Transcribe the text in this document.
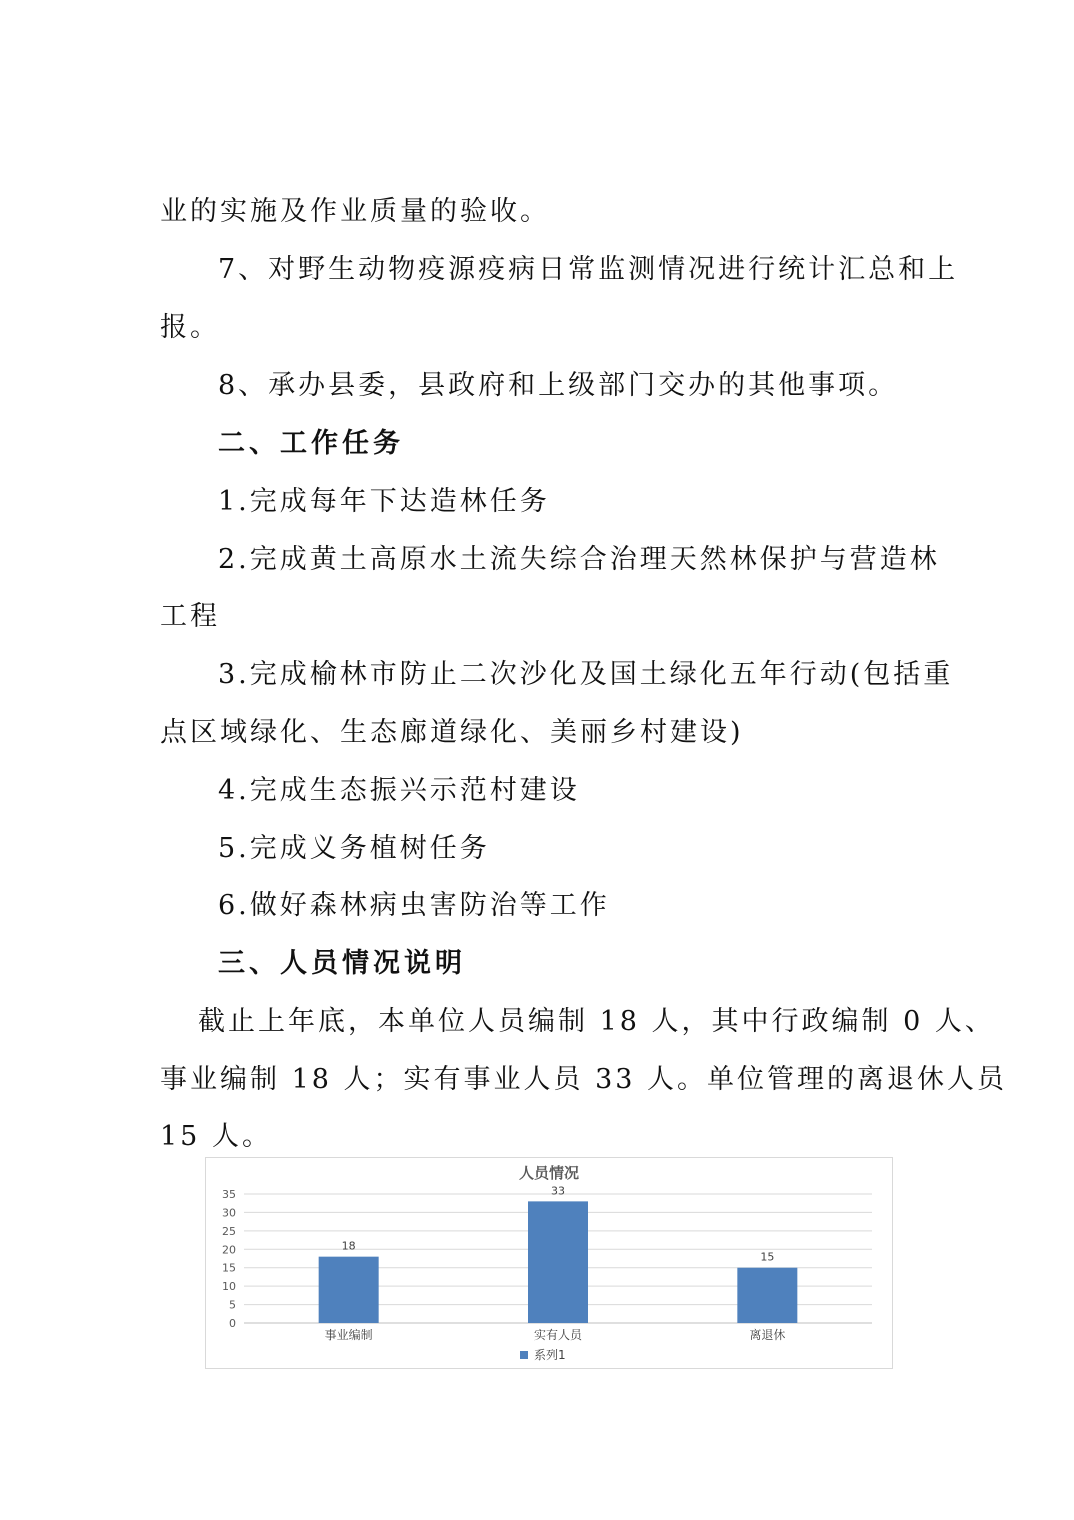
业的实施及作业质量的验收。
7、对野生动物疫源疫病日常监测情况进行统计汇总和上
报。
8、承办县委，县政府和上级部门交办的其他事项。
二、工作任务
1.完成每年下达造林任务
2.完成黄土高原水土流失综合治理天然林保护与营造林
工程
3.完成榆林市防止二次沙化及国土绿化五年行动(包括重
点区域绿化、生态廊道绿化、美丽乡村建设)
4.完成生态振兴示范村建设
5.完成义务植树任务
6.做好森林病虫害防治等工作
三、人员情况说明
截止上年底，本单位人员编制 18 人，其中行政编制 0 人、
事业编制 18 人；实有事业人员 33 人。单位管理的离退休人员
15 人。
人员情况
0
5
10
15
20
25
30
35
18
事业编制
33
实有人员
15
离退休
系列1
